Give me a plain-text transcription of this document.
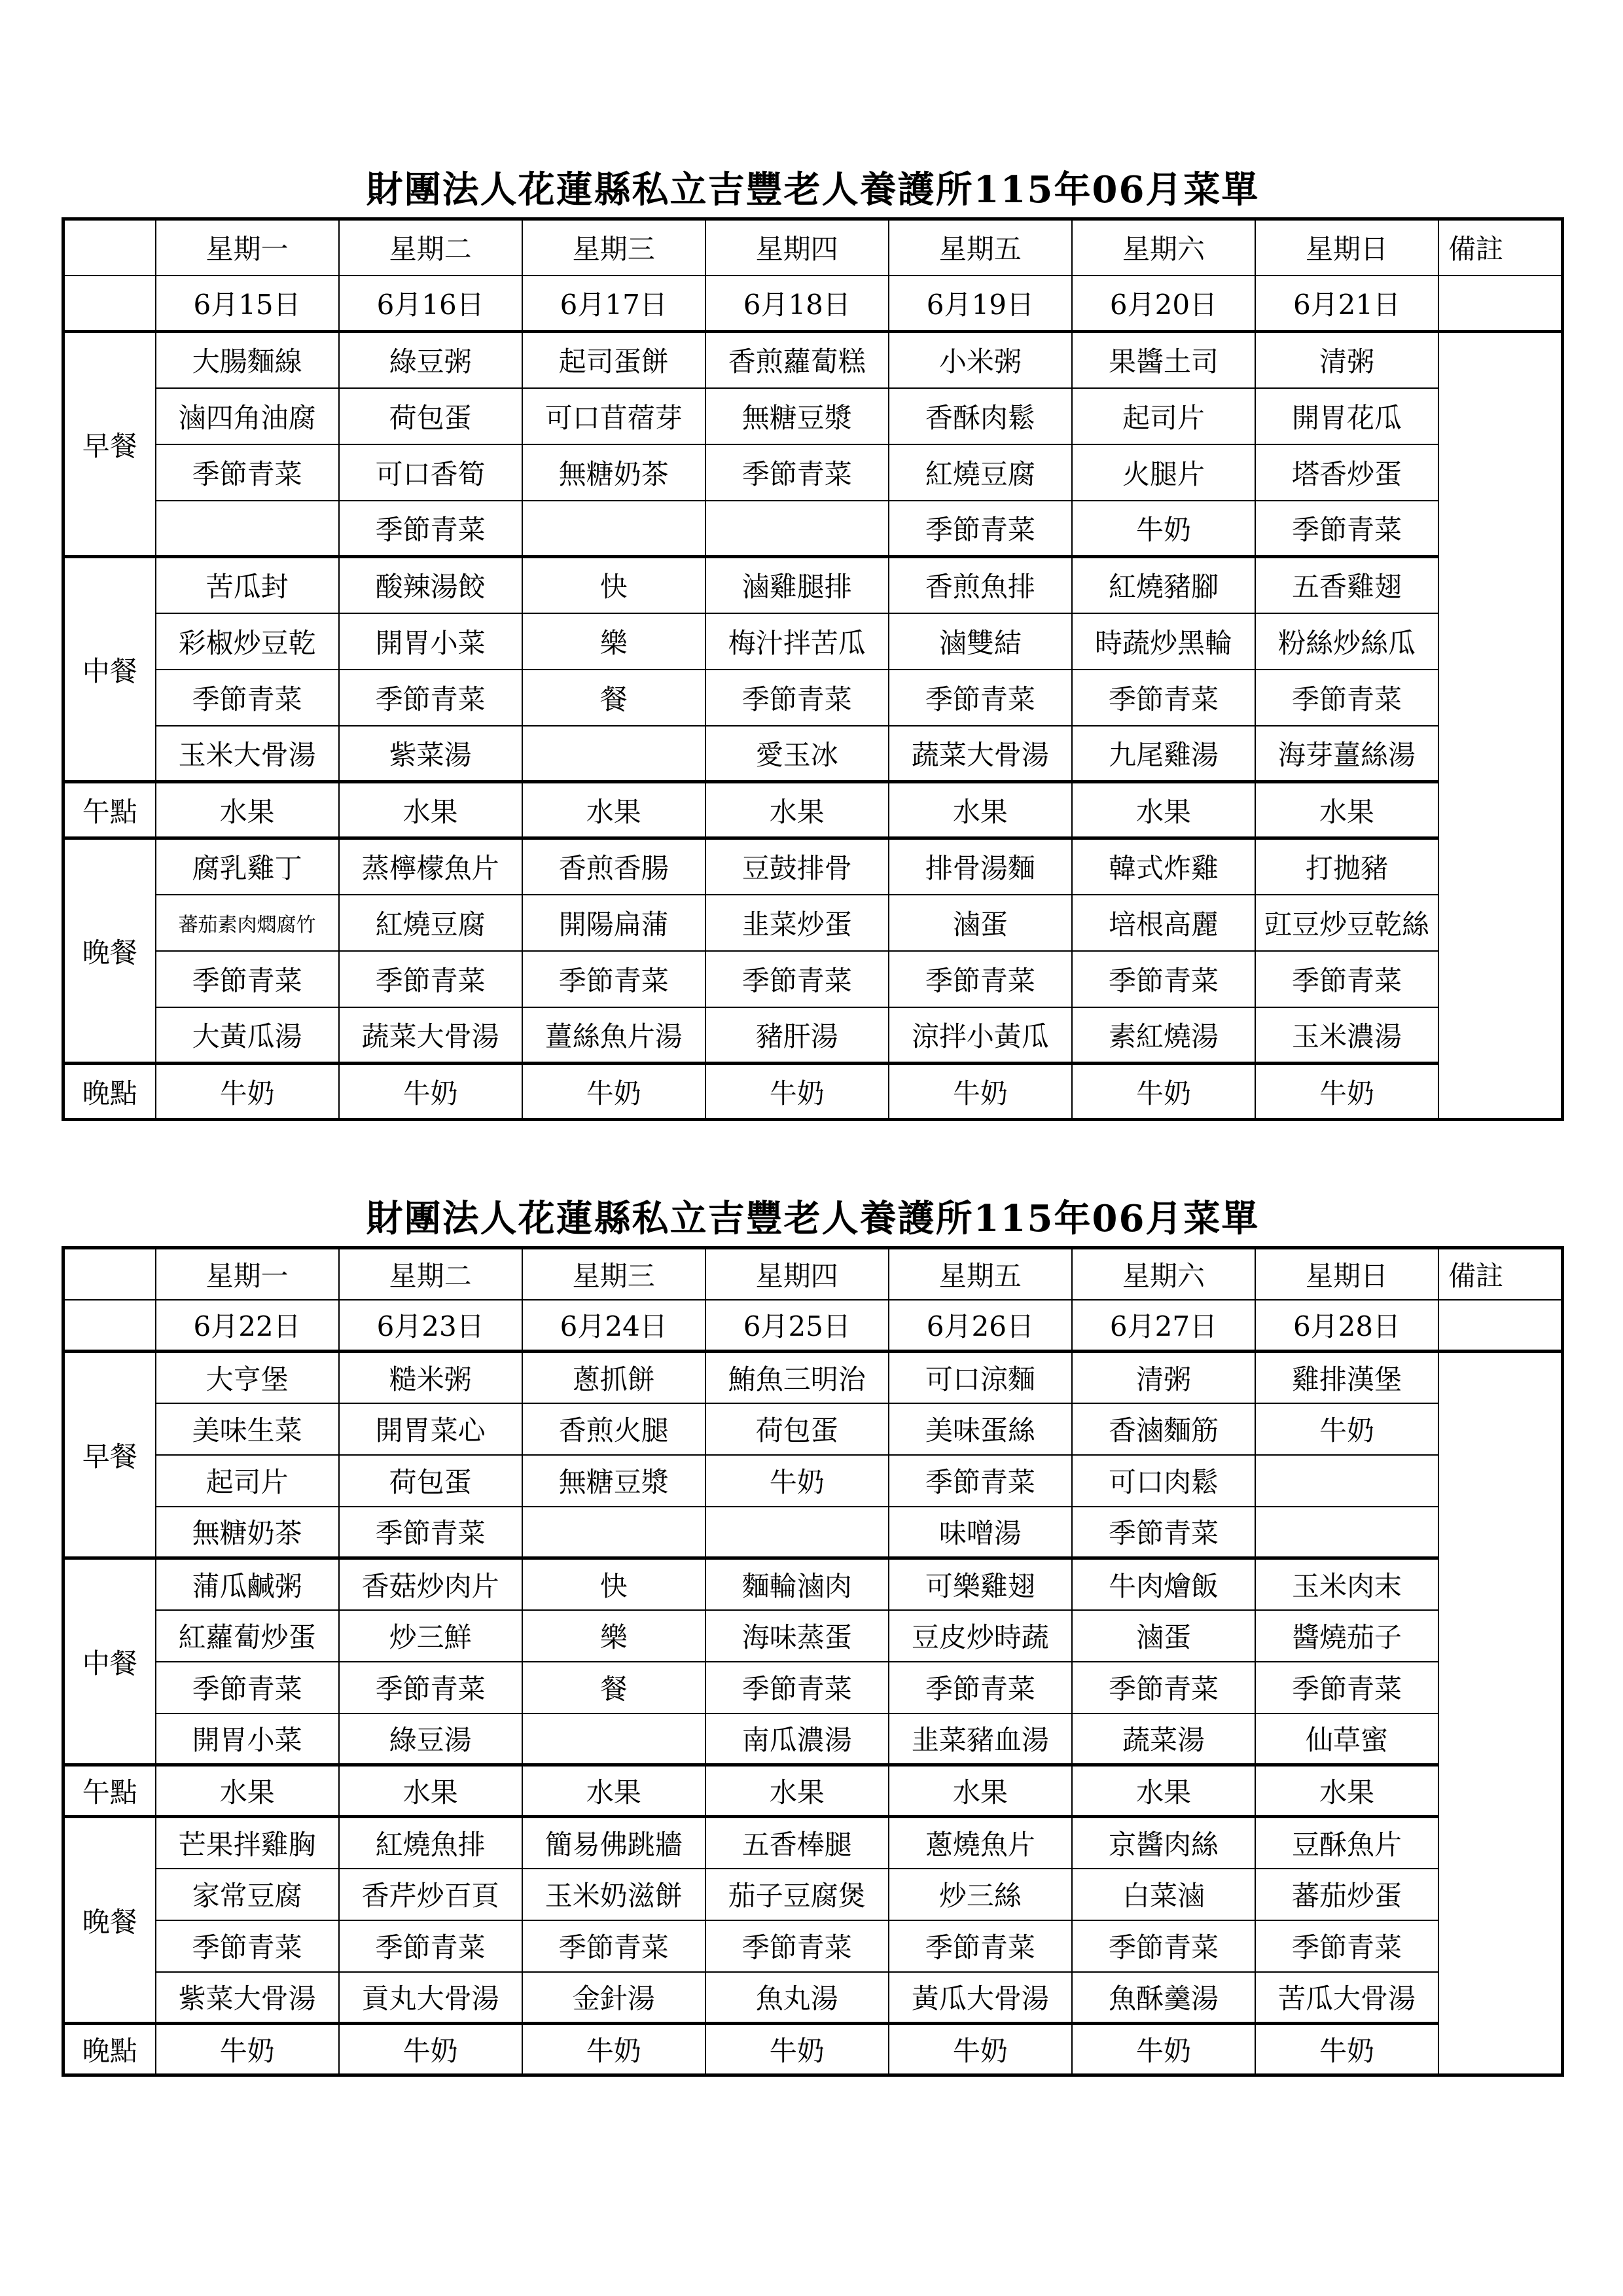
財團法人花蓮縣私立吉豐老人養護所115年06月菜單
	星期一	星期二	星期三	星期四	星期五	星期六	星期日	備註
	6月15日	6月16日	6月17日	6月18日	6月19日	6月20日	6月21日	
早餐	大腸麵線	綠豆粥	起司蛋餅	香煎蘿蔔糕	小米粥	果醬土司	清粥	
	滷四角油腐	荷包蛋	可口苜蓿芽	無糖豆漿	香酥肉鬆	起司片	開胃花瓜	
	季節青菜	可口香筍	無糖奶茶	季節青菜	紅燒豆腐	火腿片	塔香炒蛋	
		季節青菜			季節青菜	牛奶	季節青菜	
中餐	苦瓜封	酸辣湯餃	快	滷雞腿排	香煎魚排	紅燒豬腳	五香雞翅	
	彩椒炒豆乾	開胃小菜	樂	梅汁拌苦瓜	滷雙結	時蔬炒黑輪	粉絲炒絲瓜	
	季節青菜	季節青菜	餐	季節青菜	季節青菜	季節青菜	季節青菜	
	玉米大骨湯	紫菜湯		愛玉冰	蔬菜大骨湯	九尾雞湯	海芽薑絲湯	
午點	水果	水果	水果	水果	水果	水果	水果	
晚餐	腐乳雞丁	蒸檸檬魚片	香煎香腸	豆鼓排骨	排骨湯麵	韓式炸雞	打拋豬	
	蕃茄素肉燜腐竹	紅燒豆腐	開陽扁蒲	韭菜炒蛋	滷蛋	培根高麗	豇豆炒豆乾絲	
	季節青菜	季節青菜	季節青菜	季節青菜	季節青菜	季節青菜	季節青菜	
	大黃瓜湯	蔬菜大骨湯	薑絲魚片湯	豬肝湯	涼拌小黃瓜	素紅燒湯	玉米濃湯	
晚點	牛奶	牛奶	牛奶	牛奶	牛奶	牛奶	牛奶	
財團法人花蓮縣私立吉豐老人養護所115年06月菜單
	星期一	星期二	星期三	星期四	星期五	星期六	星期日	備註
	6月22日	6月23日	6月24日	6月25日	6月26日	6月27日	6月28日	
早餐	大亨堡	糙米粥	蔥抓餅	鮪魚三明治	可口涼麵	清粥	雞排漢堡	
	美味生菜	開胃菜心	香煎火腿	荷包蛋	美味蛋絲	香滷麵筋	牛奶	
	起司片	荷包蛋	無糖豆漿	牛奶	季節青菜	可口肉鬆		
	無糖奶茶	季節青菜			味噌湯	季節青菜		
中餐	蒲瓜鹹粥	香菇炒肉片	快	麵輪滷肉	可樂雞翅	牛肉燴飯	玉米肉末	
	紅蘿蔔炒蛋	炒三鮮	樂	海味蒸蛋	豆皮炒時蔬	滷蛋	醬燒茄子	
	季節青菜	季節青菜	餐	季節青菜	季節青菜	季節青菜	季節青菜	
	開胃小菜	綠豆湯		南瓜濃湯	韭菜豬血湯	蔬菜湯	仙草蜜	
午點	水果	水果	水果	水果	水果	水果	水果	
晚餐	芒果拌雞胸	紅燒魚排	簡易佛跳牆	五香棒腿	蔥燒魚片	京醬肉絲	豆酥魚片	
	家常豆腐	香芹炒百頁	玉米奶滋餅	茄子豆腐煲	炒三絲	白菜滷	蕃茄炒蛋	
	季節青菜	季節青菜	季節青菜	季節青菜	季節青菜	季節青菜	季節青菜	
	紫菜大骨湯	貢丸大骨湯	金針湯	魚丸湯	黃瓜大骨湯	魚酥羹湯	苦瓜大骨湯	
晚點	牛奶	牛奶	牛奶	牛奶	牛奶	牛奶	牛奶	
